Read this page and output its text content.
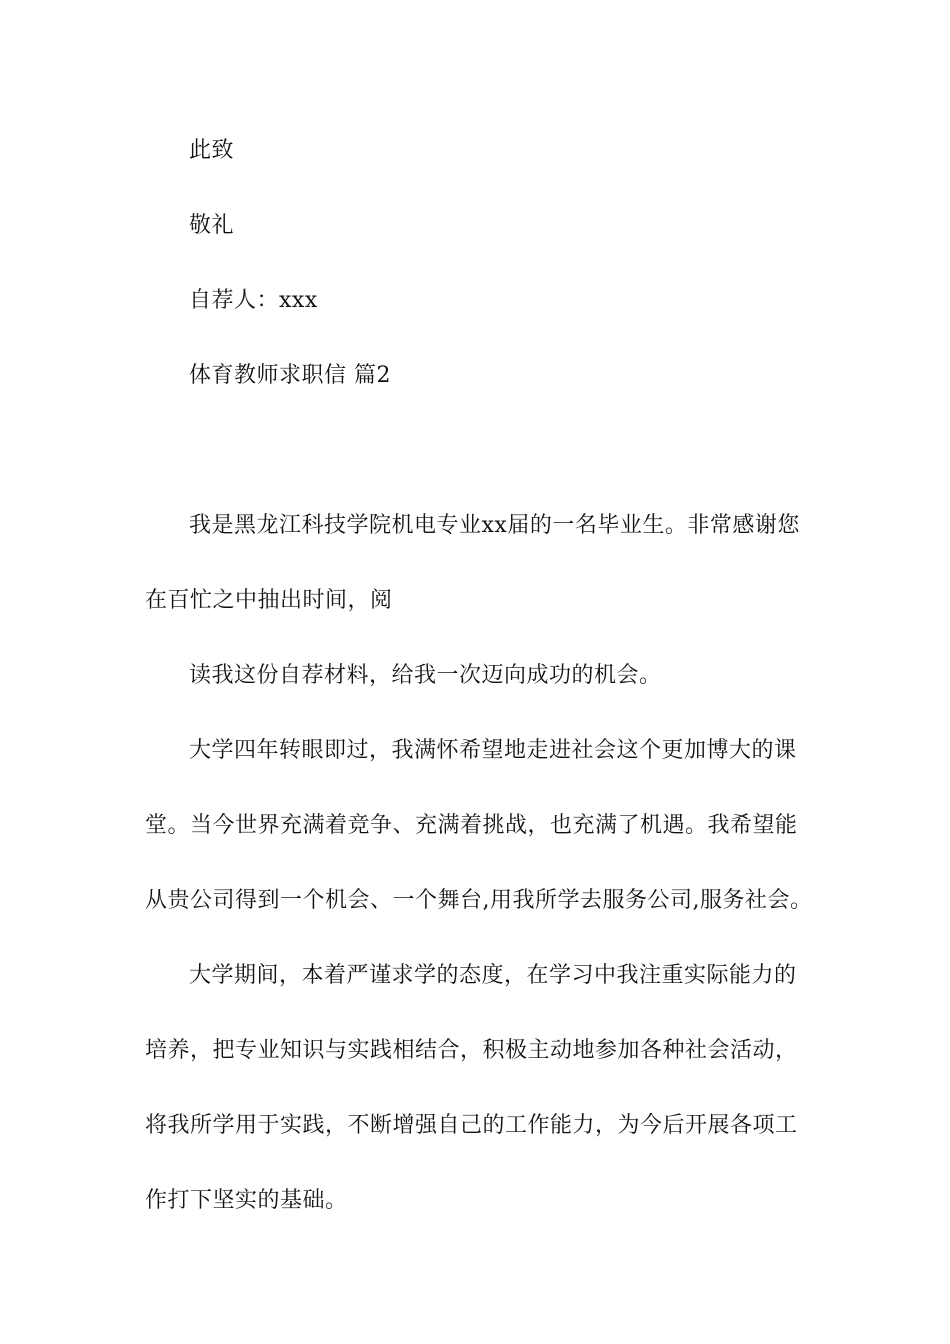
此致
敬礼
自荐人：xxx
体育教师求职信 篇2
我是黑龙江科技学院机电专业xx届的一名毕业生。非常感谢您
在百忙之中抽出时间，阅
读我这份自荐材料，给我一次迈向成功的机会。
大学四年转眼即过，我满怀希望地走进社会这个更加博大的课
堂。当今世界充满着竞争、充满着挑战，也充满了机遇。我希望能
从贵公司得到一个机会、一个舞台,用我所学去服务公司,服务社会。
大学期间，本着严谨求学的态度，在学习中我注重实际能力的
培养，把专业知识与实践相结合，积极主动地参加各种社会活动，
将我所学用于实践，不断增强自己的工作能力，为今后开展各项工
作打下坚实的基础。
